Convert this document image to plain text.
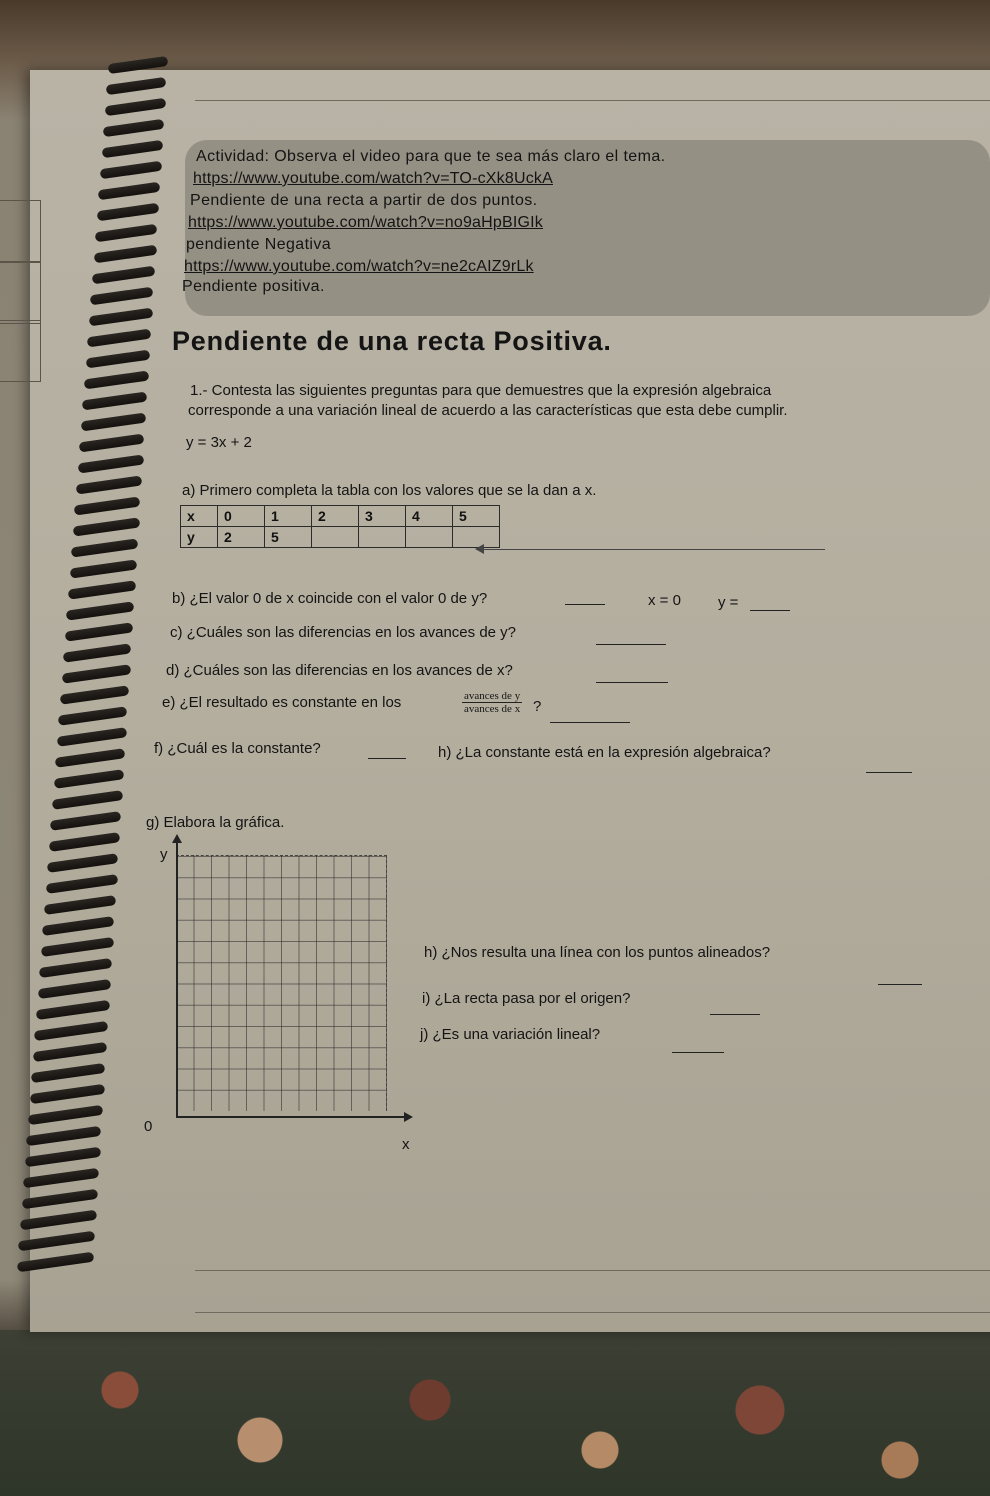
Actividad: Observa el video para que te sea más claro el tema.
https://www.youtube.com/watch?v=TO-cXk8UckA
Pendiente de una recta a partir de dos puntos.
https://www.youtube.com/watch?v=no9aHpBIGIk
pendiente Negativa
https://www.youtube.com/watch?v=ne2cAIZ9rLk
Pendiente positiva.
Pendiente de una recta Positiva.
1.- Contesta las siguientes preguntas para que demuestres que la expresión algebraica
corresponde a una variación lineal de acuerdo a las características que esta debe cumplir.
y = 3x + 2
a) Primero completa la tabla con los valores que se la dan a x.
x	0	1	2	3	4	5
y	2	5				
b) ¿El valor 0 de x coincide con el valor 0 de y?	x = 0 y =
c) ¿Cuáles son las diferencias en los avances de y?
d) ¿Cuáles son las diferencias en los avances de x?
e) ¿El resultado es constante en los	avances de y
avances de x ?
f) ¿Cuál es la constante?	h) ¿La constante está en la expresión algebraica?
g) Elabora la gráfica.
y
0
x
h) ¿Nos resulta una línea con los puntos alineados?
i) ¿La recta pasa por el origen?
j) ¿Es una variación lineal?
